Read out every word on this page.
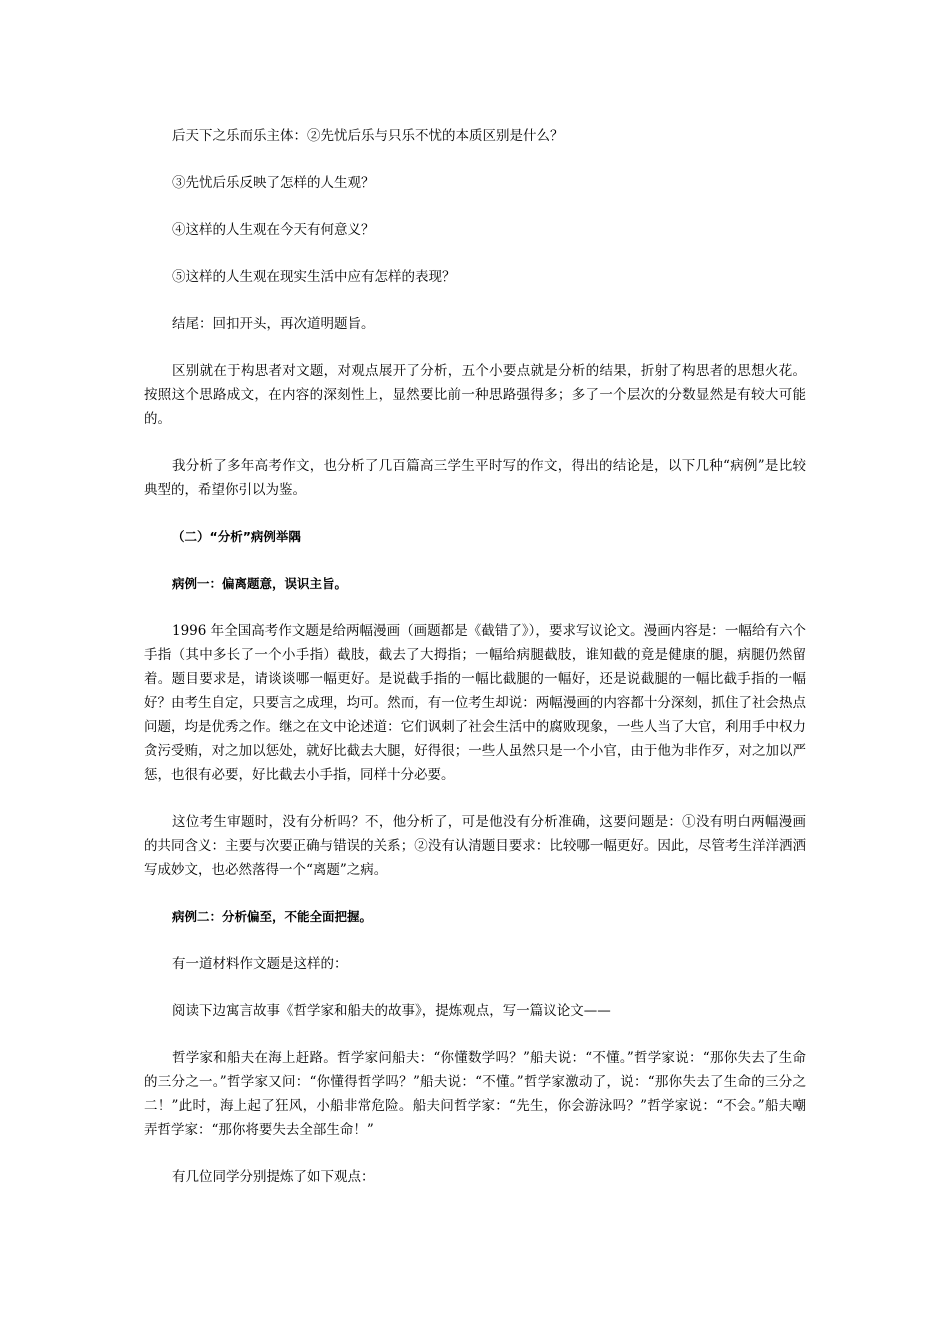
后天下之乐而乐主体：②先忧后乐与只乐不忧的本质区别是什么？

③先忧后乐反映了怎样的人生观？

④这样的人生观在今天有何意义？

⑤这样的人生观在现实生活中应有怎样的表现？

结尾：回扣开头，再次道明题旨。

区别就在于构思者对文题，对观点展开了分析，五个小要点就是分析的结果，折射了构思者的思想火花。按照这个思路成文，在内容的深刻性上，显然要比前一种思路强得多；多了一个层次的分数显然是有较大可能的。

我分析了多年高考作文，也分析了几百篇高三学生平时写的作文，得出的结论是，以下几种“病例”是比较典型的，希望你引以为鉴。

（二）“分析”病例举隅

病例一：偏离题意，误识主旨。

1996 年全国高考作文题是给两幅漫画（画题都是《截错了》），要求写议论文。漫画内容是：一幅给有六个手指（其中多长了一个小手指）截肢，截去了大拇指；一幅给病腿截肢，谁知截的竟是健康的腿，病腿仍然留着。题目要求是，请谈谈哪一幅更好。是说截手指的一幅比截腿的一幅好，还是说截腿的一幅比截手指的一幅好？由考生自定，只要言之成理，均可。然而，有一位考生却说：两幅漫画的内容都十分深刻，抓住了社会热点问题，均是优秀之作。继之在文中论述道：它们讽刺了社会生活中的腐败现象，一些人当了大官，利用手中权力贪污受贿，对之加以惩处，就好比截去大腿，好得很；一些人虽然只是一个小官，由于他为非作歹，对之加以严惩，也很有必要，好比截去小手指，同样十分必要。

这位考生审题时，没有分析吗？不，他分析了，可是他没有分析准确，这要问题是：①没有明白两幅漫画的共同含义：主要与次要正确与错误的关系；②没有认清题目要求：比较哪一幅更好。因此，尽管考生洋洋洒洒写成妙文，也必然落得一个“离题”之病。

病例二：分析偏至，不能全面把握。

有一道材料作文题是这样的：

阅读下边寓言故事《哲学家和船夫的故事》，提炼观点，写一篇议论文——

哲学家和船夫在海上赶路。哲学家问船夫：“你懂数学吗？”船夫说：“不懂。”哲学家说：“那你失去了生命的三分之一。”哲学家又问：“你懂得哲学吗？”船夫说：“不懂。”哲学家激动了，说：“那你失去了生命的三分之二！”此时，海上起了狂风，小船非常危险。船夫问哲学家：“先生，你会游泳吗？”哲学家说：“不会。”船夫嘲弄哲学家：“那你将要失去全部生命！”

有几位同学分别提炼了如下观点：
